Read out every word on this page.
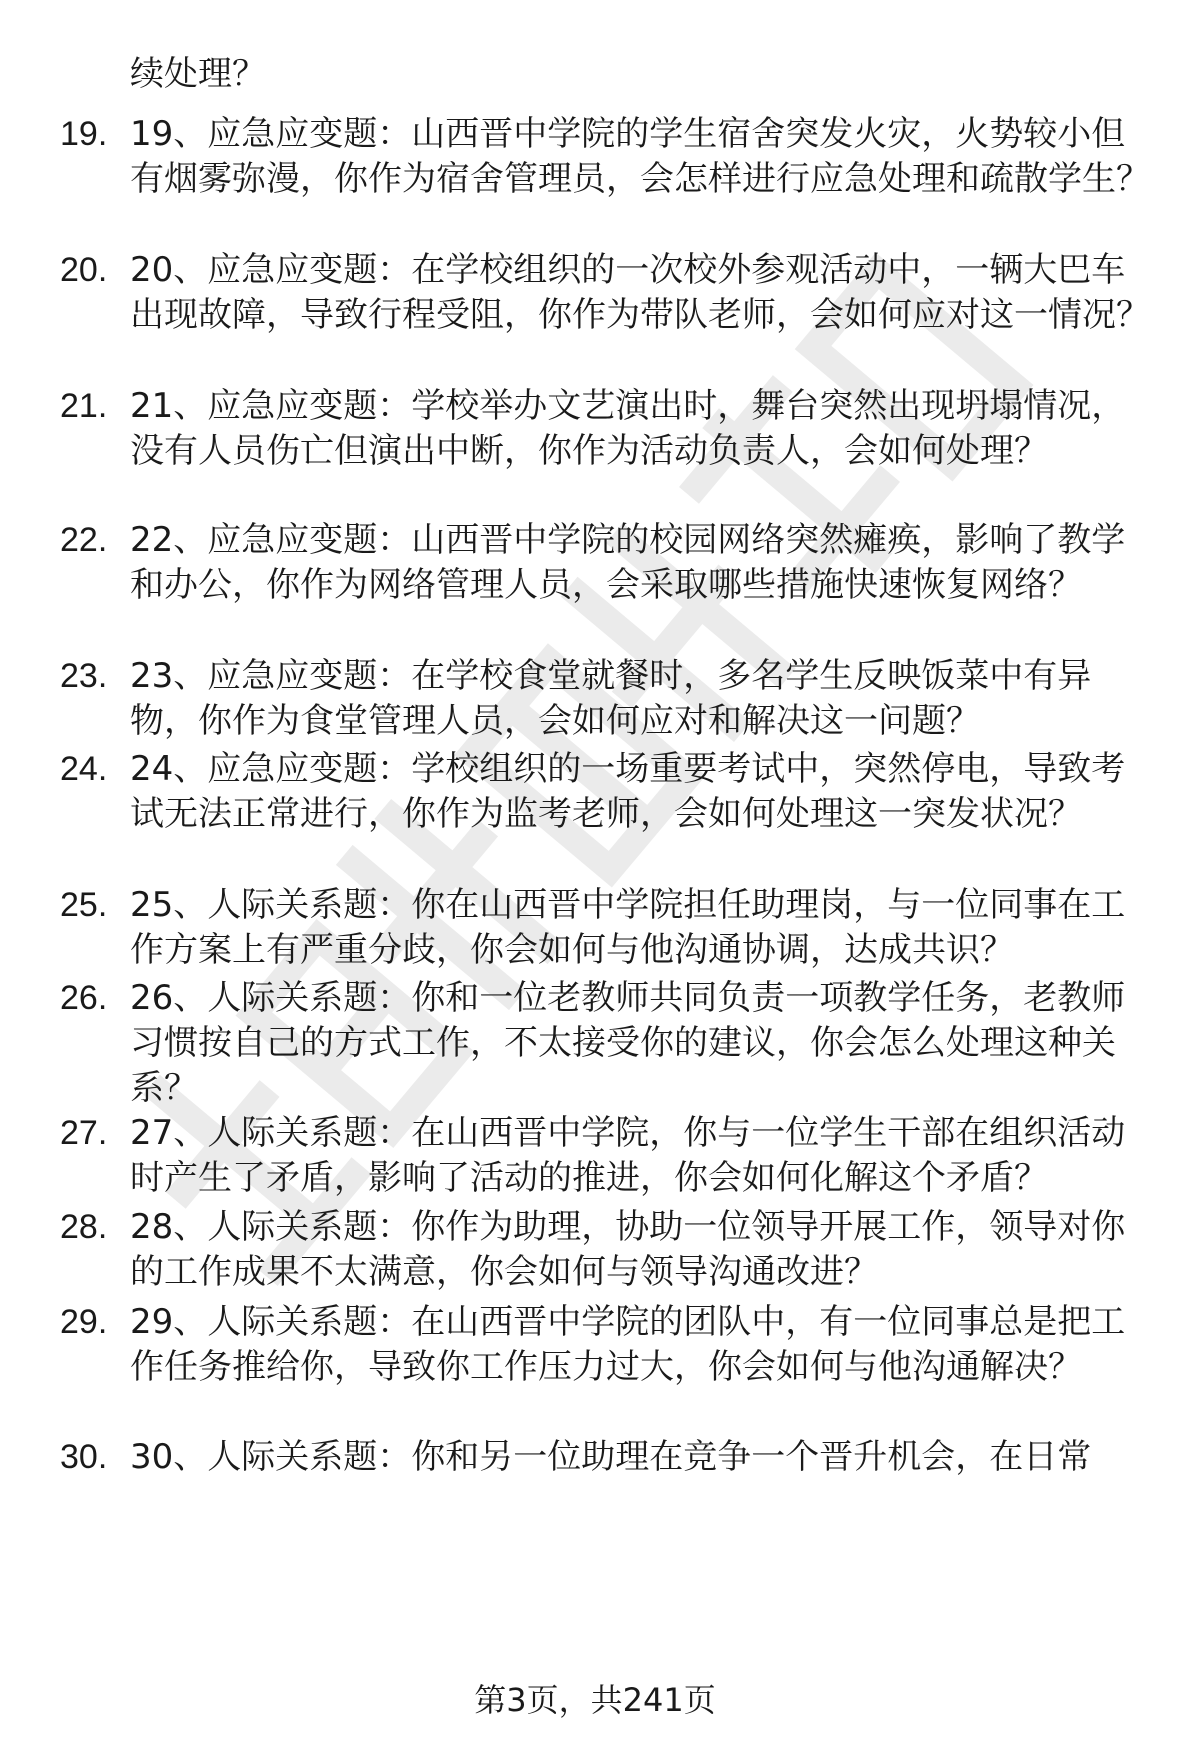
续处理？

19. 19、应急应变题：山西晋中学院的学生宿舍突发火灾，火势较小但有烟雾弥漫，你作为宿舍管理员，会怎样进行应急处理和疏散学生？
20. 20、应急应变题：在学校组织的一次校外参观活动中，一辆大巴车出现故障，导致行程受阻，你作为带队老师，会如何应对这一情况？
21. 21、应急应变题：学校举办文艺演出时，舞台突然出现坍塌情况，没有人员伤亡但演出中断，你作为活动负责人，会如何处理？
22. 22、应急应变题：山西晋中学院的校园网络突然瘫痪，影响了教学和办公，你作为网络管理人员，会采取哪些措施快速恢复网络？
23. 23、应急应变题：在学校食堂就餐时，多名学生反映饭菜中有异物，你作为食堂管理人员，会如何应对和解决这一问题？
24. 24、应急应变题：学校组织的一场重要考试中，突然停电，导致考试无法正常进行，你作为监考老师，会如何处理这一突发状况？
25. 25、人际关系题：你在山西晋中学院担任助理岗，与一位同事在工作方案上有严重分歧，你会如何与他沟通协调，达成共识？
26. 26、人际关系题：你和一位老教师共同负责一项教学任务，老教师习惯按自己的方式工作，不太接受你的建议，你会怎么处理这种关系？
27. 27、人际关系题：在山西晋中学院，你与一位学生干部在组织活动时产生了矛盾，影响了活动的推进，你会如何化解这个矛盾？
28. 28、人际关系题：你作为助理，协助一位领导开展工作，领导对你的工作成果不太满意，你会如何与领导沟通改进？
29. 29、人际关系题：在山西晋中学院的团队中，有一位同事总是把工作任务推给你，导致你工作压力过大，你会如何与他沟通解决？
30. 30、人际关系题：你和另一位助理在竞争一个晋升机会，在日常
第3页，共241页
